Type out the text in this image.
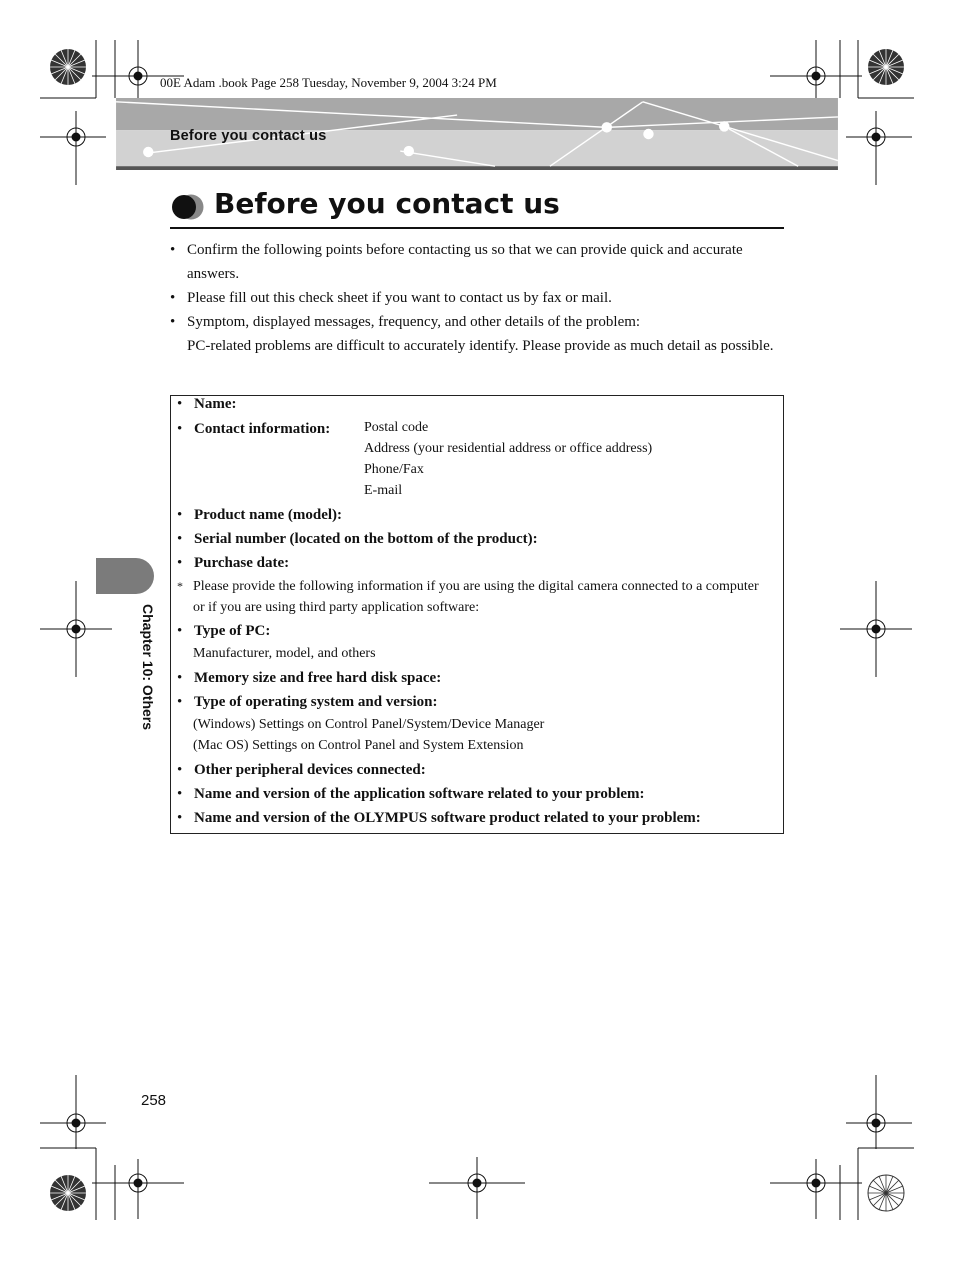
00E Adam .book Page 258 Tuesday, November 9, 2004 3:24 PM
Before you contact us
Before you contact us
• Confirm the following points before contacting us so that we can provide quick and accurate answers.
• Please fill out this check sheet if you want to contact us by fax or mail.
• Symptom, displayed messages, frequency, and other details of the problem:
PC-related problems are difficult to accurately identify. Please provide as much detail as possible.
• Name:
• Contact information: Postal code
Address (your residential address or office address)
Phone/Fax
E-mail
• Product name (model):
• Serial number (located on the bottom of the product):
• Purchase date:
* Please provide the following information if you are using the digital camera connected to a computer or if you are using third party application software:
• Type of PC:
Manufacturer, model, and others
• Memory size and free hard disk space:
• Type of operating system and version:
(Windows) Settings on Control Panel/System/Device Manager
(Mac OS) Settings on Control Panel and System Extension
• Other peripheral devices connected:
• Name and version of the application software related to your problem:
• Name and version of the OLYMPUS software product related to your problem:
Chapter 10: Others
258
